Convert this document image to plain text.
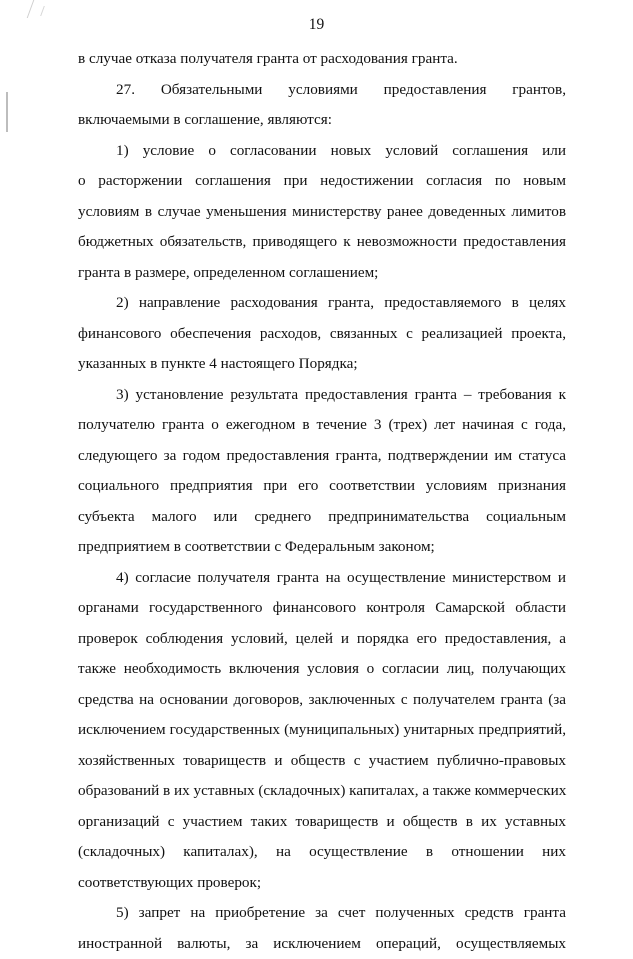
19
в случае отказа получателя гранта от расходования гранта.
27. Обязательными условиями предоставления грантов,
включаемыми в соглашение, являются:
1) условие о согласовании новых условий соглашения или
о расторжении соглашения при недостижении согласия по новым
условиям в случае уменьшения министерству ранее доведенных лимитов
бюджетных обязательств, приводящего к невозможности предоставления
гранта в размере, определенном соглашением;
2) направление расходования гранта, предоставляемого в целях
финансового обеспечения расходов, связанных с реализацией проекта,
указанных в пункте 4 настоящего Порядка;
3) установление результата предоставления гранта – требования к
получателю гранта о ежегодном в течение 3 (трех) лет начиная с года,
следующего за годом предоставления гранта, подтверждении им статуса
социального предприятия при его соответствии условиям признания
субъекта малого или среднего предпринимательства социальным
предприятием в соответствии с Федеральным законом;
4) согласие получателя гранта на осуществление министерством и
органами государственного финансового контроля Самарской области
проверок соблюдения условий, целей и порядка его предоставления, а
также необходимость включения условия о согласии лиц, получающих
средства на основании договоров, заключенных с получателем гранта (за
исключением государственных (муниципальных) унитарных предприятий,
хозяйственных товариществ и обществ с участием публично-правовых
образований в их уставных (складочных) капиталах, а также коммерческих
организаций с участием таких товариществ и обществ в их уставных
(складочных) капиталах), на осуществление в отношении них
соответствующих проверок;
5) запрет на приобретение за счет полученных средств гранта
иностранной валюты, за исключением операций, осуществляемых
